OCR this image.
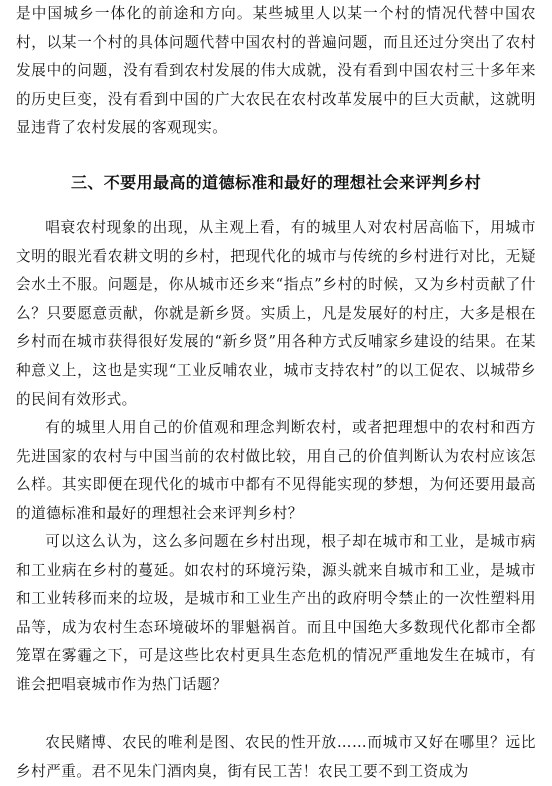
是中国城乡一体化的前途和方向。某些城里人以某一个村的情况代替中国农村，以某一个村的具体问题代替中国农村的普遍问题，而且还过分突出了农村发展中的问题，没有看到农村发展的伟大成就，没有看到中国农村三十多年来的历史巨变，没有看到中国的广大农民在农村改革发展中的巨大贡献，这就明显违背了农村发展的客观现实。

三、不要用最高的道德标准和最好的理想社会来评判乡村

唱衰农村现象的出现，从主观上看，有的城里人对农村居高临下，用城市文明的眼光看农耕文明的乡村，把现代化的城市与传统的乡村进行对比，无疑会水土不服。问题是，你从城市还乡来“指点”乡村的时候，又为乡村贡献了什么？只要愿意贡献，你就是新乡贤。实质上，凡是发展好的村庄，大多是根在乡村而在城市获得很好发展的“新乡贤”用各种方式反哺家乡建设的结果。在某种意义上，这也是实现“工业反哺农业，城市支持农村”的以工促农、以城带乡的民间有效形式。

有的城里人用自己的价值观和理念判断农村，或者把理想中的农村和西方先进国家的农村与中国当前的农村做比较，用自己的价值判断认为农村应该怎么样。其实即便在现代化的城市中都有不见得能实现的梦想，为何还要用最高的道德标准和最好的理想社会来评判乡村？

可以这么认为，这么多问题在乡村出现，根子却在城市和工业，是城市病和工业病在乡村的蔓延。如农村的环境污染，源头就来自城市和工业，是城市和工业转移而来的垃圾，是城市和工业生产出的政府明令禁止的一次性塑料用品等，成为农村生态环境破坏的罪魁祸首。而且中国绝大多数现代化都市全都笼罩在雾霾之下，可是这些比农村更具生态危机的情况严重地发生在城市，有谁会把唱衰城市作为热门话题？

农民赌博、农民的唯利是图、农民的性开放……而城市又好在哪里？远比乡村严重。君不见朱门酒肉臭，街有民工苦！农民工要不到工资成为
